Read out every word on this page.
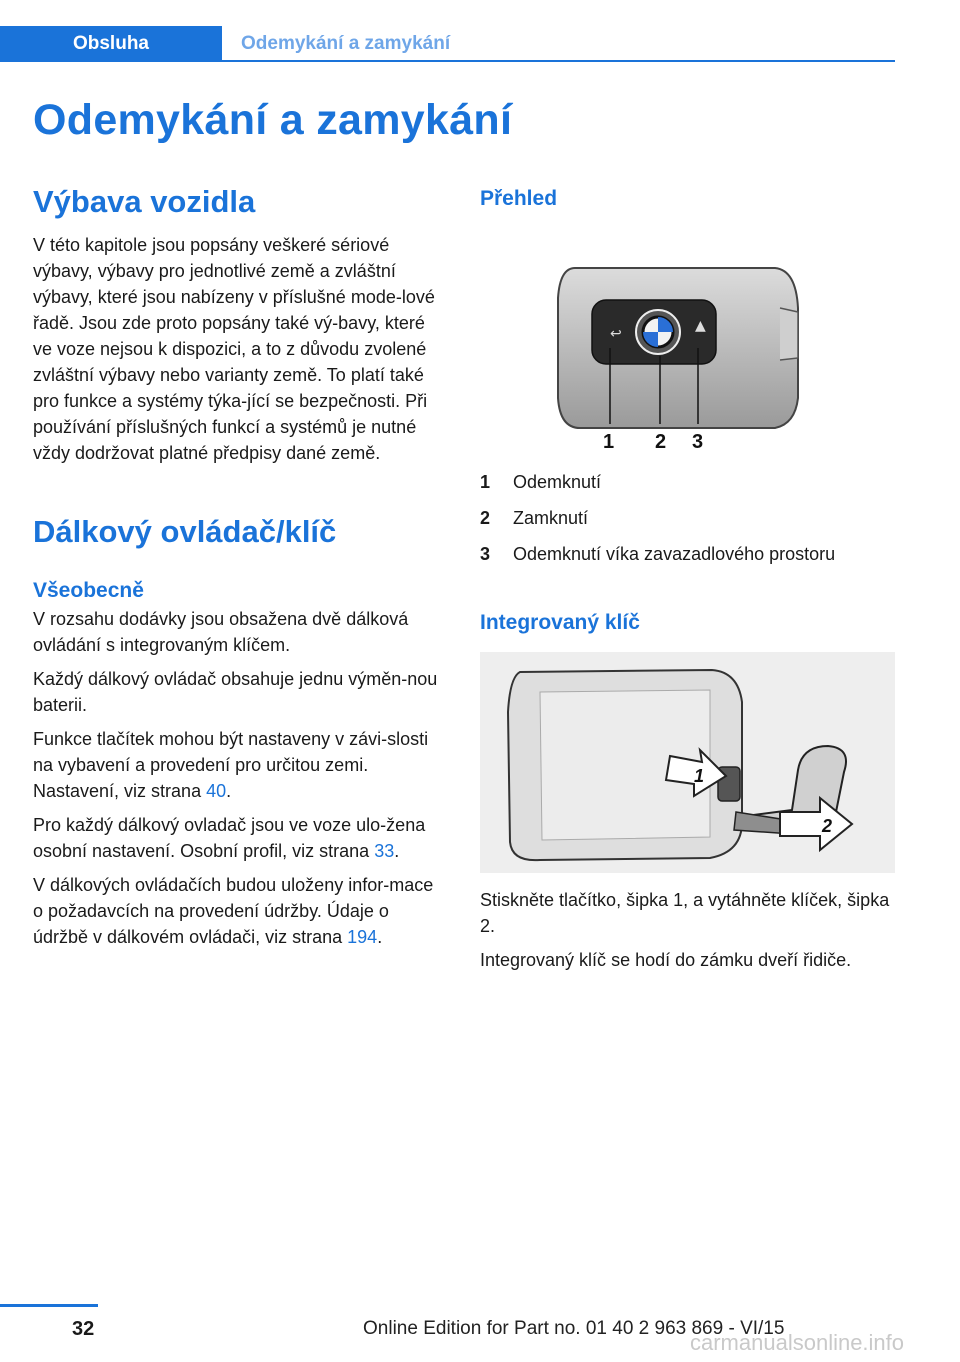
Obsluha	Odemykání a zamykání
Odemykání a zamykání
Výbava vozidla

V této kapitole jsou popsány veškeré sériové výbavy, výbavy pro jednotlivé země a zvláštní výbavy, které jsou nabízeny v příslušné mode-lové řadě. Jsou zde proto popsány také vý-bavy, které ve voze nejsou k dispozici, a to z důvodu zvolené zvláštní výbavy nebo varianty země. To platí také pro funkce a systémy týka-jící se bezpečnosti. Při používání příslušných funkcí a systémů je nutné vždy dodržovat platné předpisy dané země.

Dálkový ovládač/klíč
Všeobecně

V rozsahu dodávky jsou obsažena dvě dálková ovládání s integrovaným klíčem.

Každý dálkový ovládač obsahuje jednu výměn-nou baterii.

Funkce tlačítek mohou být nastaveny v závi-slosti na vybavení a provedení pro určitou zemi. Nastavení, viz strana 40.

Pro každý dálkový ovladač jsou ve voze ulo-žena osobní nastavení. Osobní profil, viz strana 33.

V dálkových ovládačích budou uloženy infor-mace o požadavcích na provedení údržby. Údaje o údržbě v dálkovém ovládači, viz strana 194.

Přehled
↩	▲
1 2 3
1	Odemknutí
2	Zamknutí
3	Odemknutí víka zavazadlového prostoru
Integrovaný klíč
1
2

Stiskněte tlačítko, šipka 1, a vytáhněte klíček, šipka 2.

Integrovaný klíč se hodí do zámku dveří řidiče.

32	Online Edition for Part no. 01 40 2 963 869 - VI/15
carmanualsonline.info
